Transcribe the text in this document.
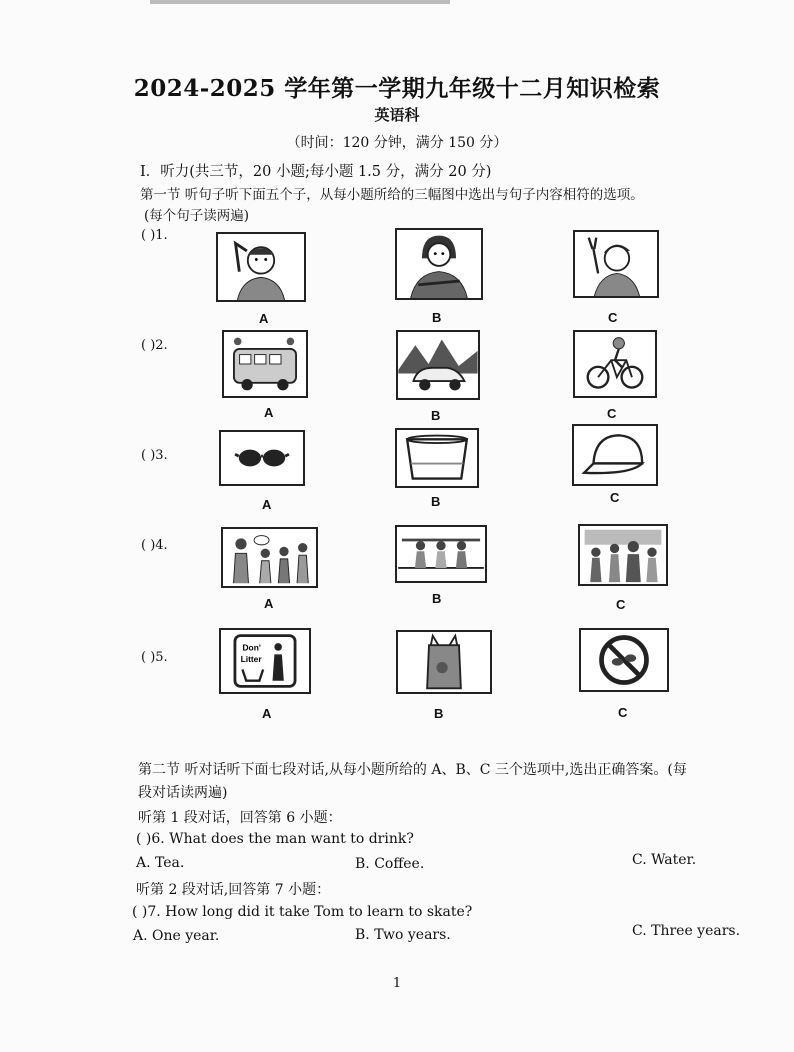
2024-2025 学年第一学期九年级十二月知识检索
英语科
（时间：120 分钟，满分 150 分）
I．听力(共三节，20 小题;每小题 1.5 分，满分 20 分)
第一节 听句子听下面五个子，从每小题所给的三幅图中选出与句子内容相符的选项。
(每个句子读两遍)
( )1.
A	B	C
( )2.
A	B	C
( )3.
A	B	C
( )4.
A	B	C
( )5.
Don'
Litter
A	B	C
第二节 听对话听下面七段对话,从每小题所给的 A、B、C 三个选项中,选出正确答案。(每
段对话读两遍)
听第 1 段对话，回答第 6 小题：
( )6. What does the man want to drink?
A. Tea.	B. Coffee.	C. Water.
听第 2 段对话,回答第 7 小题：
( )7. How long did it take Tom to learn to skate?
A. One year.	B. Two years.	C. Three years.
1
